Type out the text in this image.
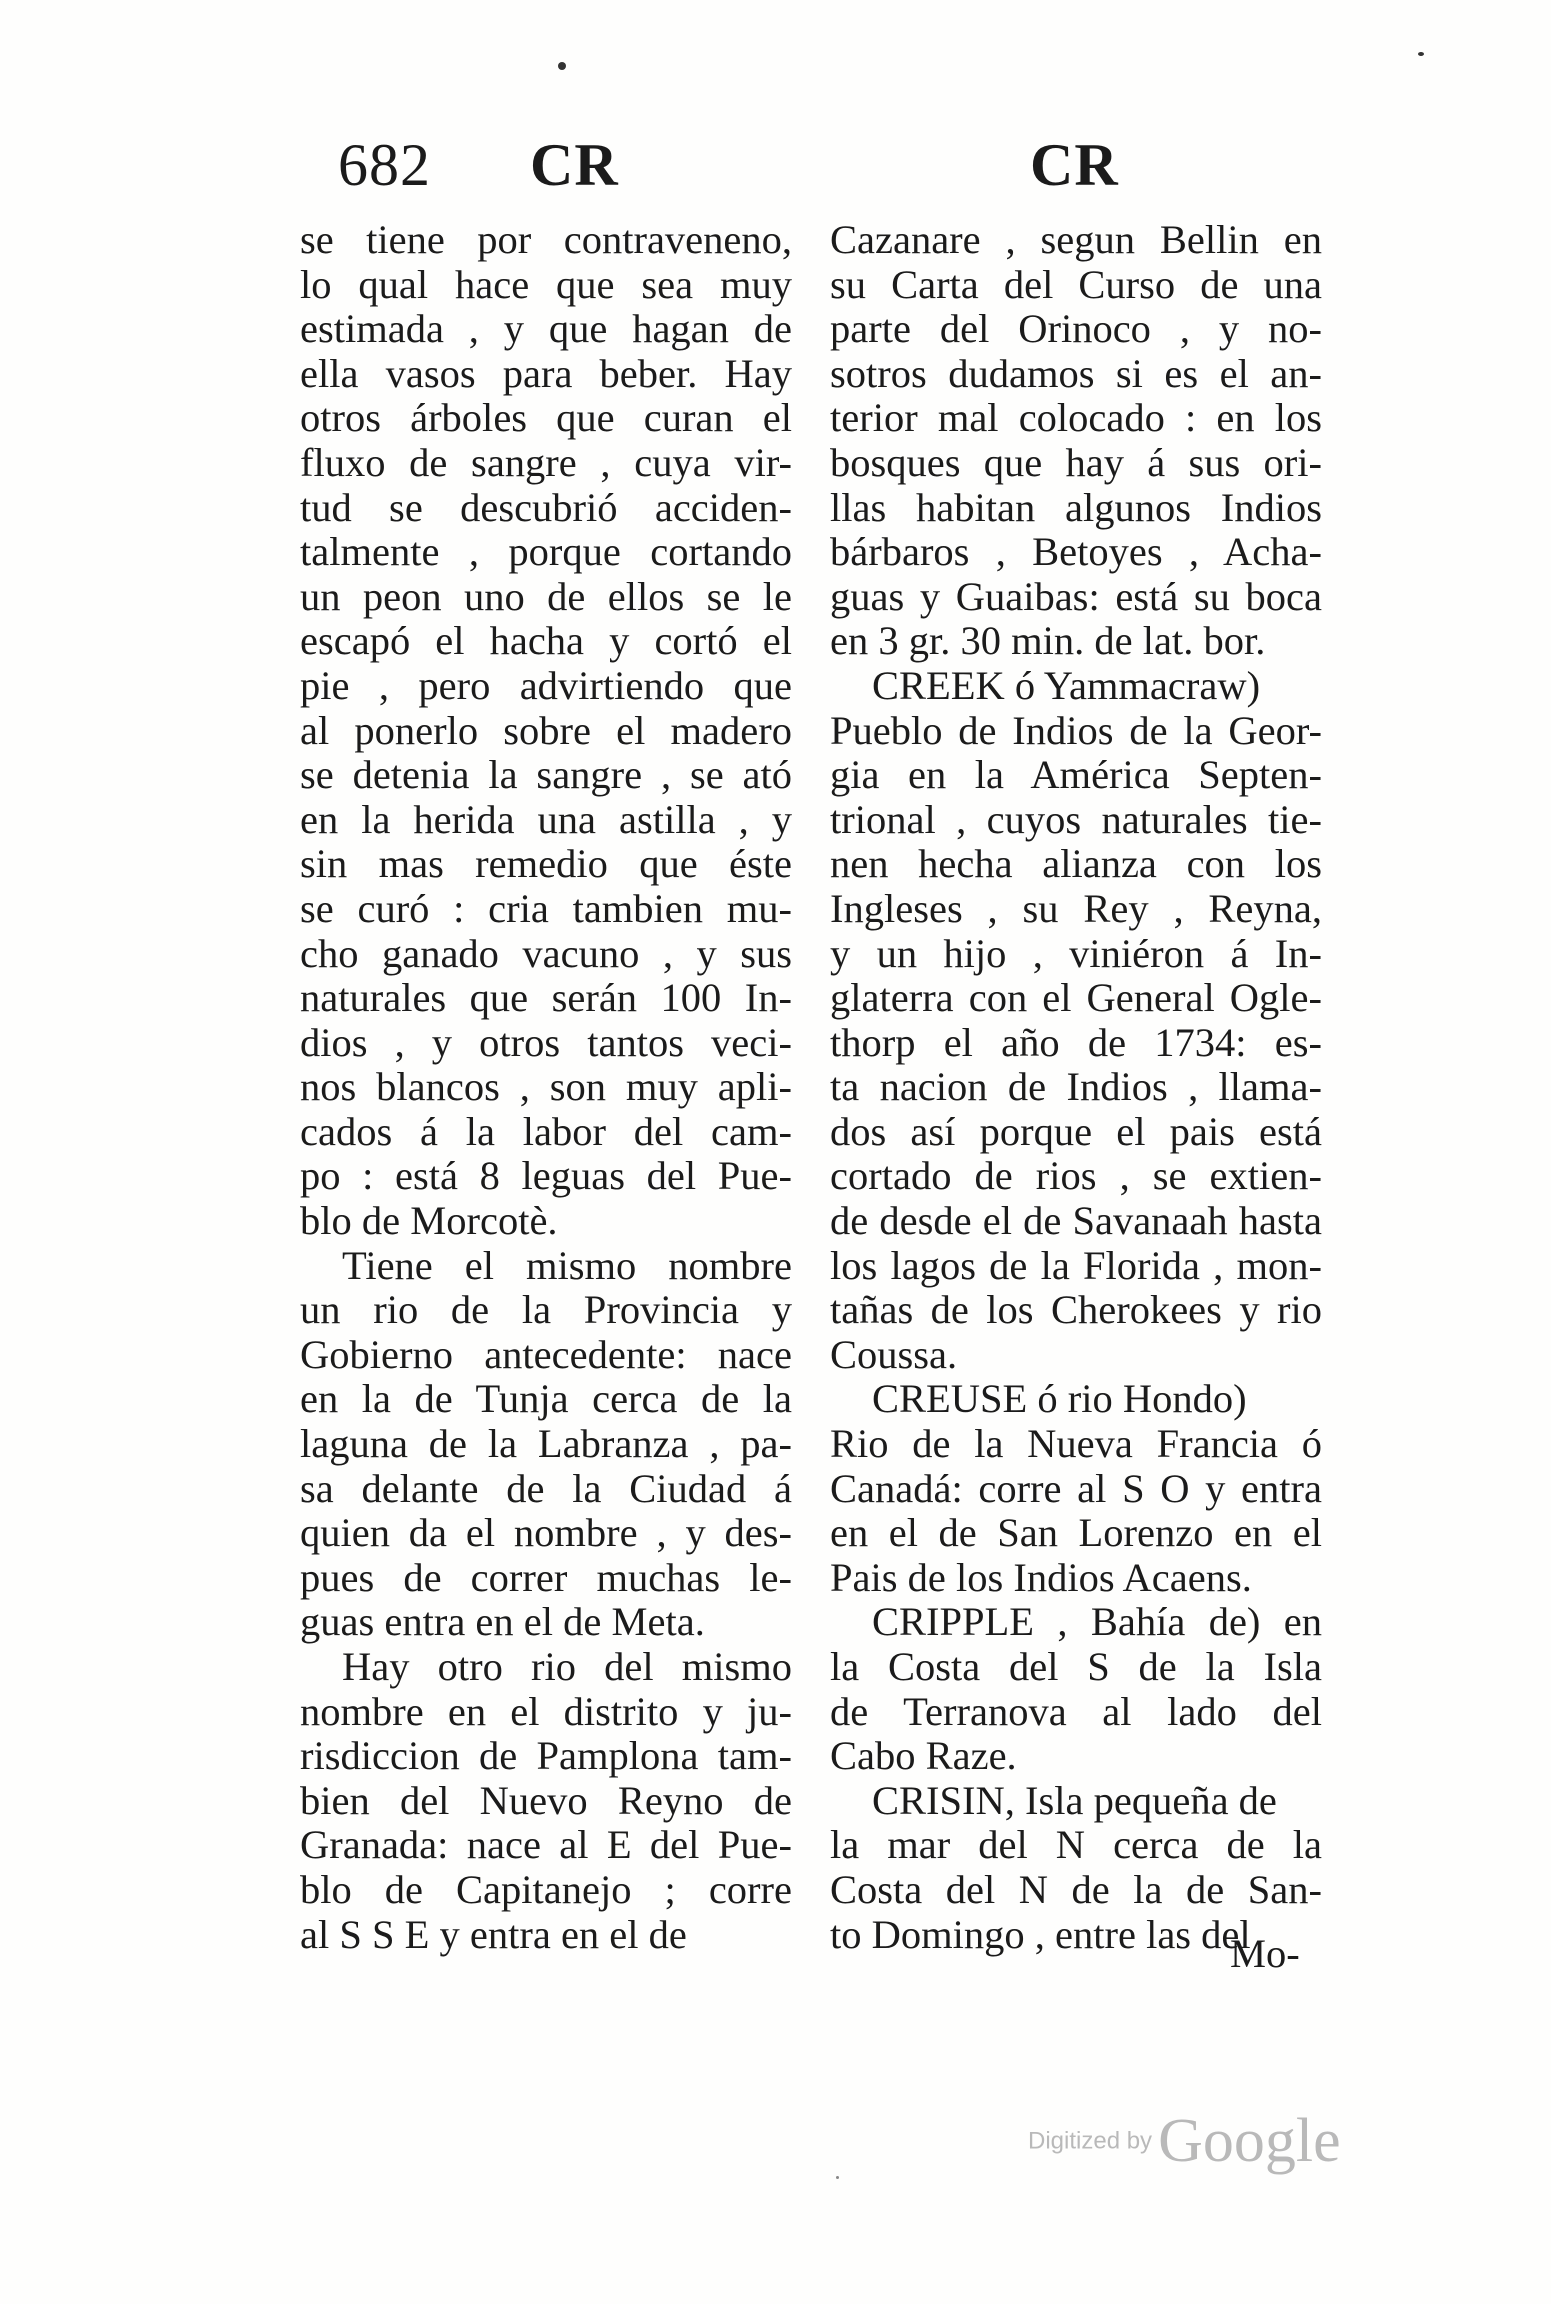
682 CR	CR
se tiene por contraveneno,
lo qual hace que sea muy
estimada , y que hagan de
ella vasos para beber. Hay
otros árboles que curan el
fluxo de sangre , cuya vir-
tud se descubrió acciden-
talmente , porque cortando
un peon uno de ellos se le
escapó el hacha y cortó el
pie , pero advirtiendo que
al ponerlo sobre el madero
se detenia la sangre , se ató
en la herida una astilla , y
sin mas remedio que éste
se curó : cria tambien mu-
cho ganado vacuno , y sus
naturales que serán 100 In-
dios , y otros tantos veci-
nos blancos , son muy apli-
cados á la labor del cam-
po : está 8 leguas del Pue-
blo de Morcotè.
Tiene el mismo nombre
un rio de la Provincia y
Gobierno antecedente: nace
en la de Tunja cerca de la
laguna de la Labranza , pa-
sa delante de la Ciudad á
quien da el nombre , y des-
pues de correr muchas le-
guas entra en el de Meta.
Hay otro rio del mismo
nombre en el distrito y ju-
risdiccion de Pamplona tam-
bien del Nuevo Reyno de
Granada: nace al E del Pue-
blo de Capitanejo ; corre
al S S E y entra en el de
Cazanare , segun Bellin en
su Carta del Curso de una
parte del Orinoco , y no-
sotros dudamos si es el an-
terior mal colocado : en los
bosques que hay á sus ori-
llas habitan algunos Indios
bárbaros , Betoyes , Acha-
guas y Guaibas: está su boca
en 3 gr. 30 min. de lat. bor.
CREEK ó Yammacraw)
Pueblo de Indios de la Geor-
gia en la América Septen-
trional , cuyos naturales tie-
nen hecha alianza con los
Ingleses , su Rey , Reyna,
y un hijo , viniéron á In-
glaterra con el General Ogle-
thorp el año de 1734: es-
ta nacion de Indios , llama-
dos así porque el pais está
cortado de rios , se extien-
de desde el de Savanaah hasta
los lagos de la Florida , mon-
tañas de los Cherokees y rio
Coussa.
CREUSE ó rio Hondo)
Rio de la Nueva Francia ó
Canadá: corre al S O y entra
en el de San Lorenzo en el
Pais de los Indios Acaens.
CRIPPLE , Bahía de) en
la Costa del S de la Isla
de Terranova al lado del
Cabo Raze.
CRISIN, Isla pequeña de
la mar del N cerca de la
Costa del N de la de San-
to Domingo , entre las del
Mo-
Digitized byGoogle
